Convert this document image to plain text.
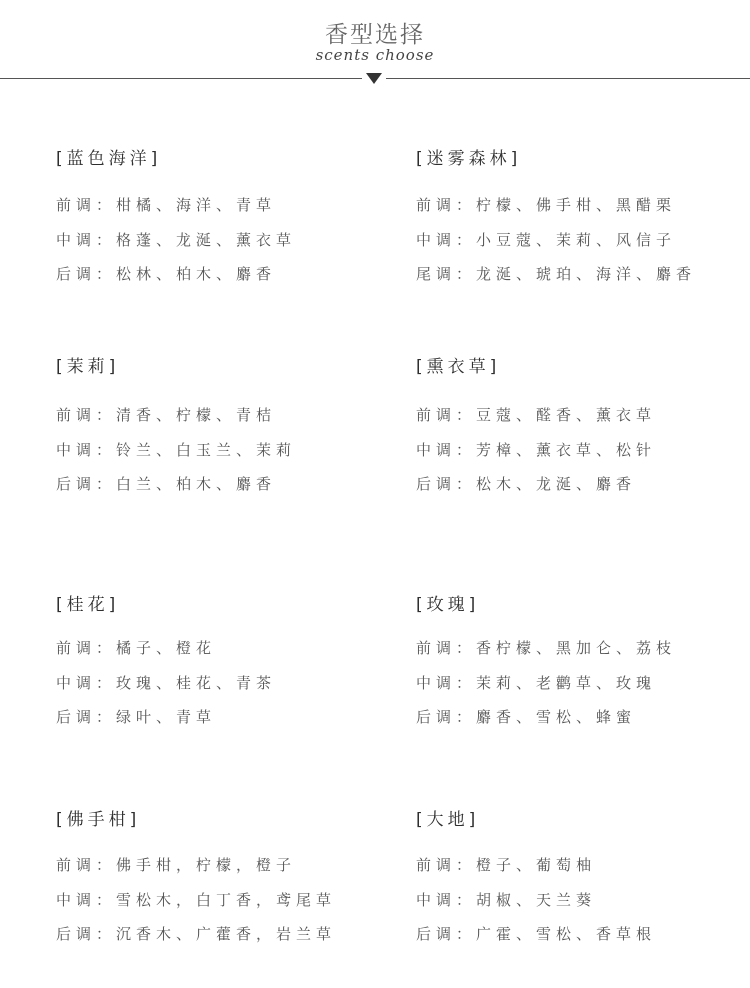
香型选择
scents choose
[蓝色海洋]
前调：柑橘、海洋、青草
中调：格蓬、龙涎、薰衣草
后调：松林、柏木、麝香
[迷雾森林]
前调：柠檬、佛手柑、黑醋栗
中调：小豆蔻、茉莉、风信子
尾调：龙涎、琥珀、海洋、麝香
[茉莉]
前调：清香、柠檬、青桔
中调：铃兰、白玉兰、茉莉
后调：白兰、柏木、麝香
[熏衣草]
前调：豆蔻、醛香、薰衣草
中调：芳樟、薰衣草、松针
后调：松木、龙涎、麝香
[桂花]
前调：橘子、橙花
中调：玫瑰、桂花、青茶
后调：绿叶、青草
[玫瑰]
前调：香柠檬、黑加仑、荔枝
中调：茉莉、老鹳草、玫瑰
后调：麝香、雪松、蜂蜜
[佛手柑]
前调：佛手柑，柠檬，橙子
中调：雪松木，白丁香，鸢尾草
后调：沉香木、广藿香，岩兰草
[大地]
前调：橙子、葡萄柚
中调：胡椒、天兰葵
后调：广霍、雪松、香草根
